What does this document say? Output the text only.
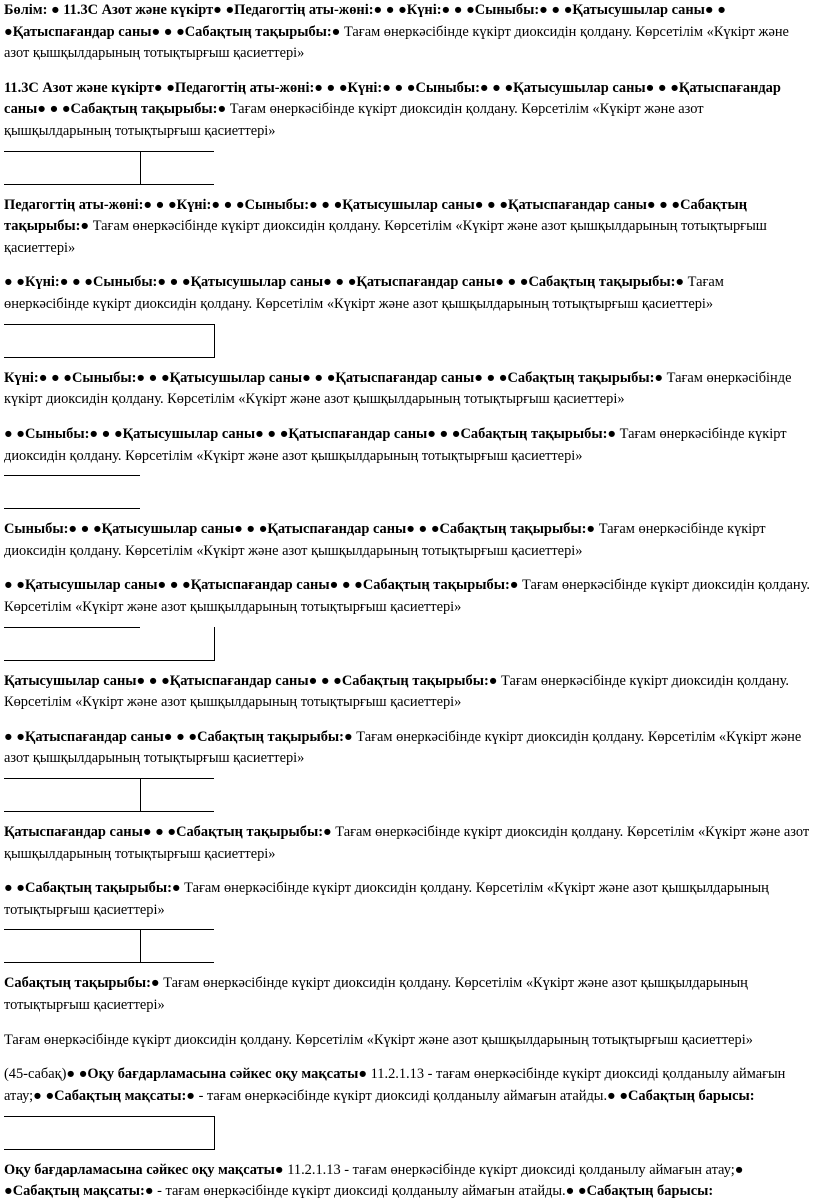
Бөлім: ● 11.3С Азот және күкірт● ●Педагогтің аты-жөні:● ● ●Күні:● ● ●Сыныбы:● ● ●Қатысушылар саны● ● ●Қатыспағандар саны● ● ●Сабақтың тақырыбы:● Тағам өнеркәсібінде күкірт диоксидін қолдану. Көрсетілім «Күкірт және азот қышқылдарының тотықтырғыш қасиеттері»

11.3С Азот және күкірт● ●Педагогтің аты-жөні:● ● ●Күні:● ● ●Сыныбы:● ● ●Қатысушылар саны● ● ●Қатыспағандар саны● ● ●Сабақтың тақырыбы:● Тағам өнеркәсібінде күкірт диоксидін қолдану. Көрсетілім «Күкірт және азот қышқылдарының тотықтырғыш қасиеттері»

Педагогтің аты-жөні:● ● ●Күні:● ● ●Сыныбы:● ● ●Қатысушылар саны● ● ●Қатыспағандар саны● ● ●Сабақтың тақырыбы:● Тағам өнеркәсібінде күкірт диоксидін қолдану. Көрсетілім «Күкірт және азот қышқылдарының тотықтырғыш қасиеттері»

● ●Күні:● ● ●Сыныбы:● ● ●Қатысушылар саны● ● ●Қатыспағандар саны● ● ●Сабақтың тақырыбы:● Тағам өнеркәсібінде күкірт диоксидін қолдану. Көрсетілім «Күкірт және азот қышқылдарының тотықтырғыш қасиеттері»

Күні:● ● ●Сыныбы:● ● ●Қатысушылар саны● ● ●Қатыспағандар саны● ● ●Сабақтың тақырыбы:● Тағам өнеркәсібінде күкірт диоксидін қолдану. Көрсетілім «Күкірт және азот қышқылдарының тотықтырғыш қасиеттері»

● ●Сыныбы:● ● ●Қатысушылар саны● ● ●Қатыспағандар саны● ● ●Сабақтың тақырыбы:● Тағам өнеркәсібінде күкірт диоксидін қолдану. Көрсетілім «Күкірт және азот қышқылдарының тотықтырғыш қасиеттері»

Сыныбы:● ● ●Қатысушылар саны● ● ●Қатыспағандар саны● ● ●Сабақтың тақырыбы:● Тағам өнеркәсібінде күкірт диоксидін қолдану. Көрсетілім «Күкірт және азот қышқылдарының тотықтырғыш қасиеттері»

● ●Қатысушылар саны● ● ●Қатыспағандар саны● ● ●Сабақтың тақырыбы:● Тағам өнеркәсібінде күкірт диоксидін қолдану. Көрсетілім «Күкірт және азот қышқылдарының тотықтырғыш қасиеттері»

Қатысушылар саны● ● ●Қатыспағандар саны● ● ●Сабақтың тақырыбы:● Тағам өнеркәсібінде күкірт диоксидін қолдану. Көрсетілім «Күкірт және азот қышқылдарының тотықтырғыш қасиеттері»

● ●Қатыспағандар саны● ● ●Сабақтың тақырыбы:● Тағам өнеркәсібінде күкірт диоксидін қолдану. Көрсетілім «Күкірт және азот қышқылдарының тотықтырғыш қасиеттері»

Қатыспағандар саны● ● ●Сабақтың тақырыбы:● Тағам өнеркәсібінде күкірт диоксидін қолдану. Көрсетілім «Күкірт және азот қышқылдарының тотықтырғыш қасиеттері»

● ●Сабақтың тақырыбы:● Тағам өнеркәсібінде күкірт диоксидін қолдану. Көрсетілім «Күкірт және азот қышқылдарының тотықтырғыш қасиеттері»

Сабақтың тақырыбы:● Тағам өнеркәсібінде күкірт диоксидін қолдану. Көрсетілім «Күкірт және азот қышқылдарының тотықтырғыш қасиеттері»

Тағам өнеркәсібінде күкірт диоксидін қолдану. Көрсетілім «Күкірт және азот қышқылдарының тотықтырғыш қасиеттері»

(45-сабақ)● ●Оқу бағдарламасына сәйкес оқу мақсаты● 11.2.1.13 - тағам өнеркәсібінде күкірт диоксиді қолданылу аймағын атау;● ●Сабақтың мақсаты:● - тағам өнеркәсібінде күкірт диоксиді қолданылу аймағын атайды.● ●Сабақтың барысы:

Оқу бағдарламасына сәйкес оқу мақсаты● 11.2.1.13 - тағам өнеркәсібінде күкірт диоксиді қолданылу аймағын атау;● ●Сабақтың мақсаты:● - тағам өнеркәсібінде күкірт диоксиді қолданылу аймағын атайды.● ●Сабақтың барысы:
